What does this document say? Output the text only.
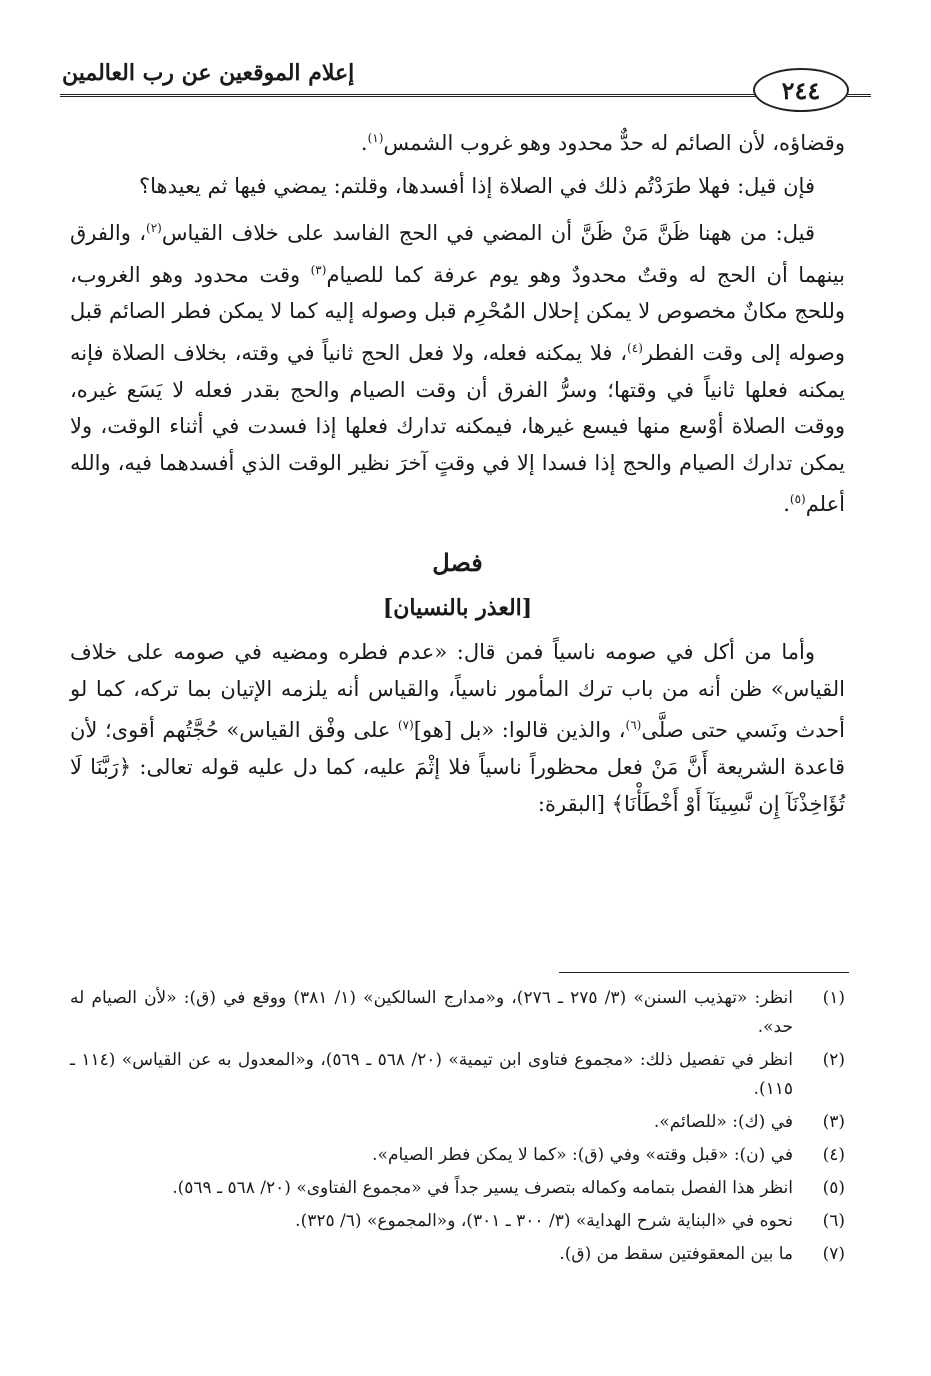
إعلام الموقعين عن رب العالمين
٢٤٤

وقضاؤه، لأن الصائم له حدٌّ محدود وهو غروب الشمس$^{(١)}$.

فإن قيل: فهلا طرَدْتُم ذلك في الصلاة إذا أفسدها، وقلتم: يمضي فيها ثم يعيدها؟

قيل: من ههنا ظَنَّ مَنْ ظَنَّ أن المضي في الحج الفاسد على خلاف القياس$^{(٢)}$، والفرق بينهما أن الحج له وقتٌ محدودٌ وهو يوم عرفة كما للصيام$^{(٣)}$ وقت محدود وهو الغروب، وللحج مكانٌ مخصوص لا يمكن إحلال المُحْرِم قبل وصوله إليه كما لا يمكن فطر الصائم قبل وصوله إلى وقت الفطر$^{(٤)}$، فلا يمكنه فعله، ولا فعل الحج ثانياً في وقته، بخلاف الصلاة فإنه يمكنه فعلها ثانياً في وقتها؛ وسرُّ الفرق أن وقت الصيام والحج بقدر فعله لا يَسَع غيره، ووقت الصلاة أوْسع منها فيسع غيرها، فيمكنه تدارك فعلها إذا فسدت في أثناء الوقت، ولا يمكن تدارك الصيام والحج إذا فسدا إلا في وقتٍ آخرَ نظير الوقت الذي أفسدهما فيه، والله أعلم$^{(٥)}$.

فصل
[العذر بالنسيان]

وأما من أكل في صومه ناسياً فمن قال: «عدم فطره ومضيه في صومه على خلاف القياس» ظن أنه من باب ترك المأمور ناسياً، والقياس أنه يلزمه الإتيان بما تركه، كما لو أحدث ونَسي حتى صلَّى$^{(٦)}$، والذين قالوا: «بل [هو]$^{(٧)}$ على وفْق القياس» حُجَّتُهم أقوى؛ لأن قاعدة الشريعة أَنَّ مَنْ فعل محظوراً ناسياً فلا إثْمَ عليه، كما دل عليه قوله تعالى: ﴿رَبَّنَا لَا تُؤَاخِذْنَآ إِن نَّسِينَآ أَوْ أَخْطَأْنَا﴾ [البقرة:

(١)
انظر: «تهذيب السنن» (٣/ ٢٧٥ ـ ٢٧٦)، و«مدارج السالكين» (١/ ٣٨١) ووقع في (ق): «لأن الصيام له حد».
(٢)
انظر في تفصيل ذلك: «مجموع فتاوى ابن تيمية» (٢٠/ ٥٦٨ ـ ٥٦٩)، و«المعدول به عن القياس» (١١٤ ـ ١١٥).
(٣)
في (ك): «للصائم».
(٤)
في (ن): «قبل وقته» وفي (ق): «كما لا يمكن فطر الصيام».
(٥)
انظر هذا الفصل بتمامه وكماله بتصرف يسير جداً في «مجموع الفتاوى» (٢٠/ ٥٦٨ ـ ٥٦٩).
(٦)
نحوه في «البناية شرح الهداية» (٣/ ٣٠٠ ـ ٣٠١)، و«المجموع» (٦/ ٣٢٥).
(٧)
ما بين المعقوفتين سقط من (ق).
